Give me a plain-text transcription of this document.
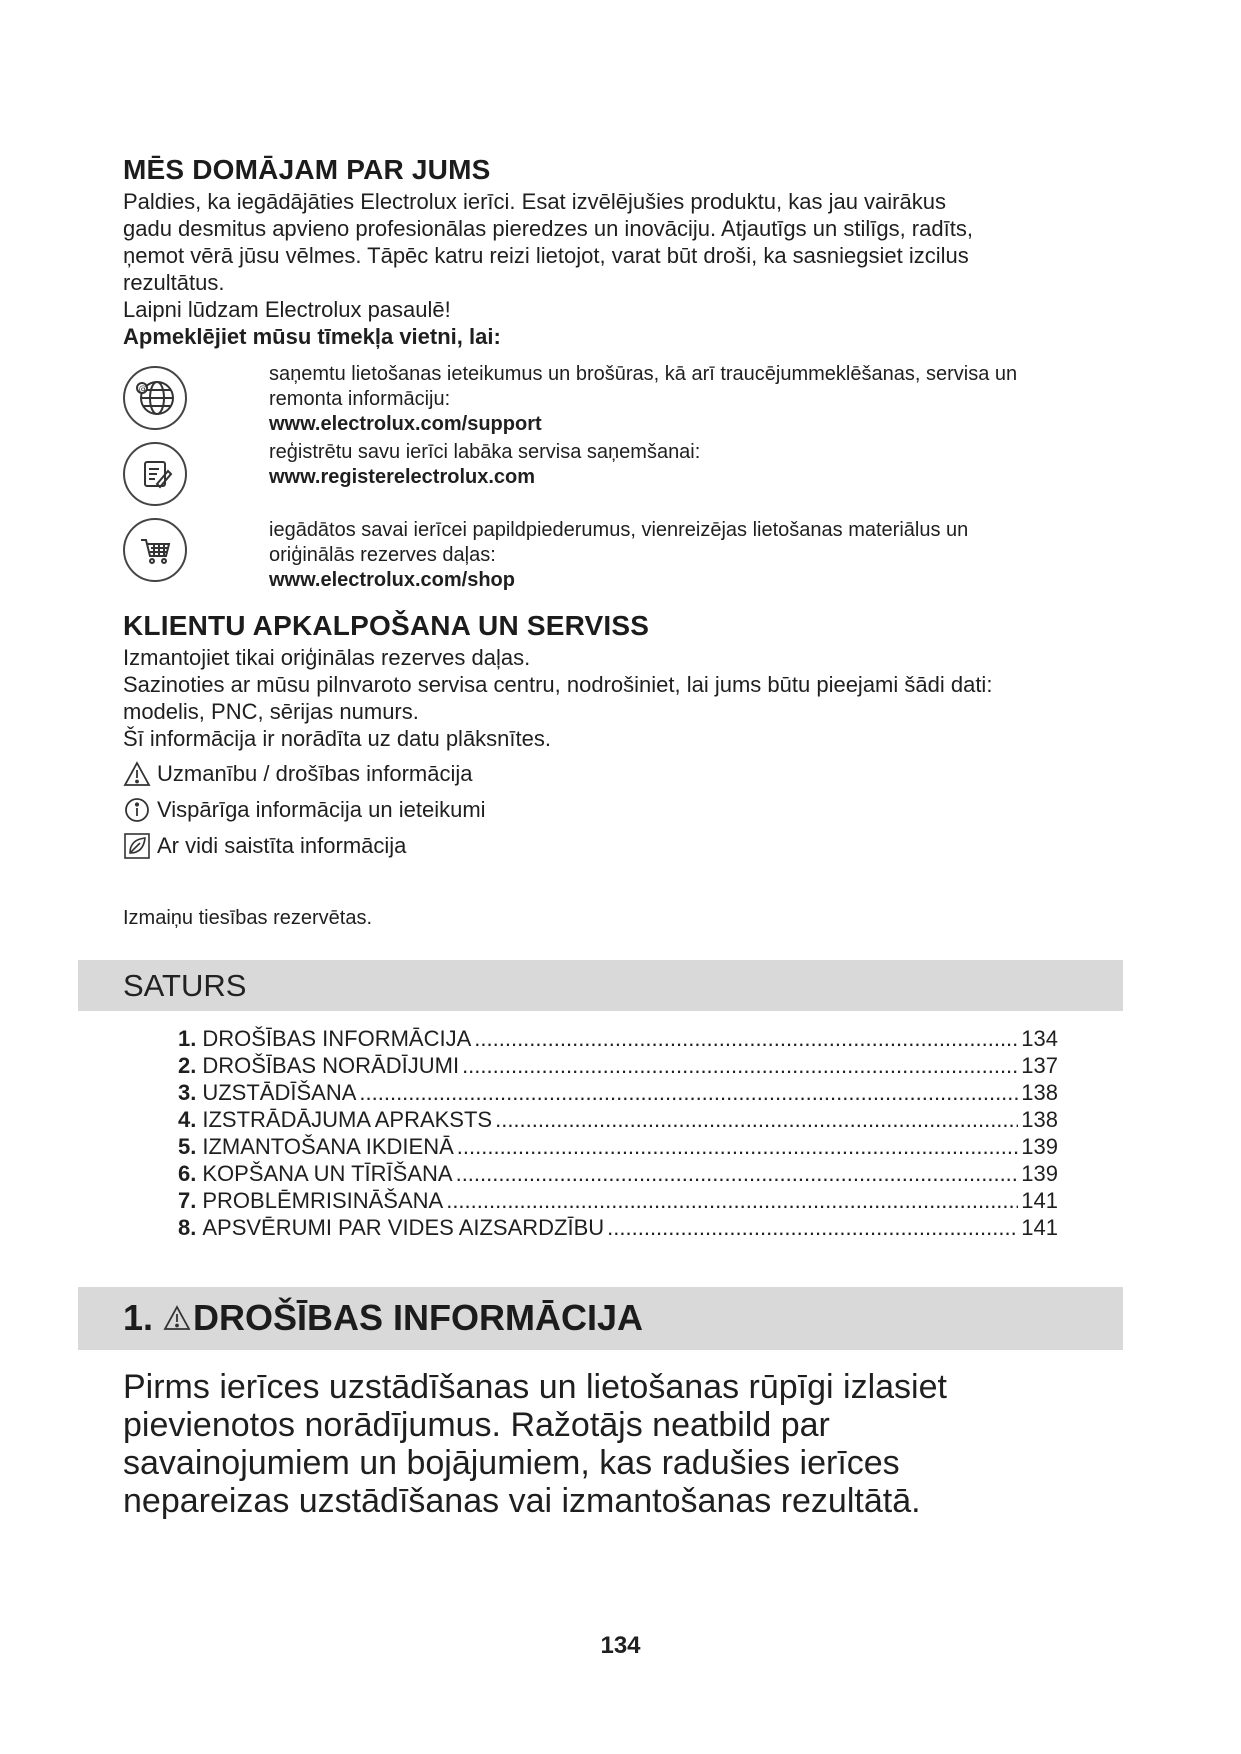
MĒS DOMĀJAM PAR JUMS
Paldies, ka iegādājāties Electrolux ierīci. Esat izvēlējušies produktu, kas jau vairākus
gadu desmitus apvieno profesionālas pieredzes un inovāciju. Atjautīgs un stilīgs, radīts,
ņemot vērā jūsu vēlmes. Tāpēc katru reizi lietojot, varat būt droši, ka sasniegsiet izcilus
rezultātus.
Laipni lūdzam Electrolux pasaulē!
Apmeklējiet mūsu tīmekļa vietni, lai:
@
saņemtu lietošanas ieteikumus un brošūras, kā arī traucējummeklēšanas, servisa un
remonta informāciju:
www.electrolux.com/support
reģistrētu savu ierīci labāka servisa saņemšanai:
www.registerelectrolux.com
iegādātos savai ierīcei papildpiederumus, vienreizējas lietošanas materiālus un
oriģinālās rezerves daļas:
www.electrolux.com/shop
KLIENTU APKALPOŠANA UN SERVISS
Izmantojiet tikai oriģinālas rezerves daļas.
Sazinoties ar mūsu pilnvaroto servisa centru, nodrošiniet, lai jums būtu pieejami šādi dati:
modelis, PNC, sērijas numurs.
Šī informācija ir norādīta uz datu plāksnītes.
Uzmanību / drošības informācija
Vispārīga informācija un ieteikumi
Ar vidi saistīta informācija
Izmaiņu tiesības rezervētas.
SATURS
1. DROŠĪBAS INFORMĀCIJA .....	134
2. DROŠĪBAS NORĀDĪJUMI .....	137
3. UZSTĀDĪŠANA .....	138
4. IZSTRĀDĀJUMA APRAKSTS .....	138
5. IZMANTOŠANA IKDIENĀ .....	139
6. KOPŠANA UN TĪRĪŠANA .....	139
7. PROBLĒMRISINĀŠANA .....	141
8. APSVĒRUMI PAR VIDES AIZSARDZĪBU .....	141
1. DROŠĪBAS INFORMĀCIJA
Pirms ierīces uzstādīšanas un lietošanas rūpīgi izlasiet
pievienotos norādījumus. Ražotājs neatbild par
savainojumiem un bojājumiem, kas radušies ierīces
nepareizas uzstādīšanas vai izmantošanas rezultātā.
134
